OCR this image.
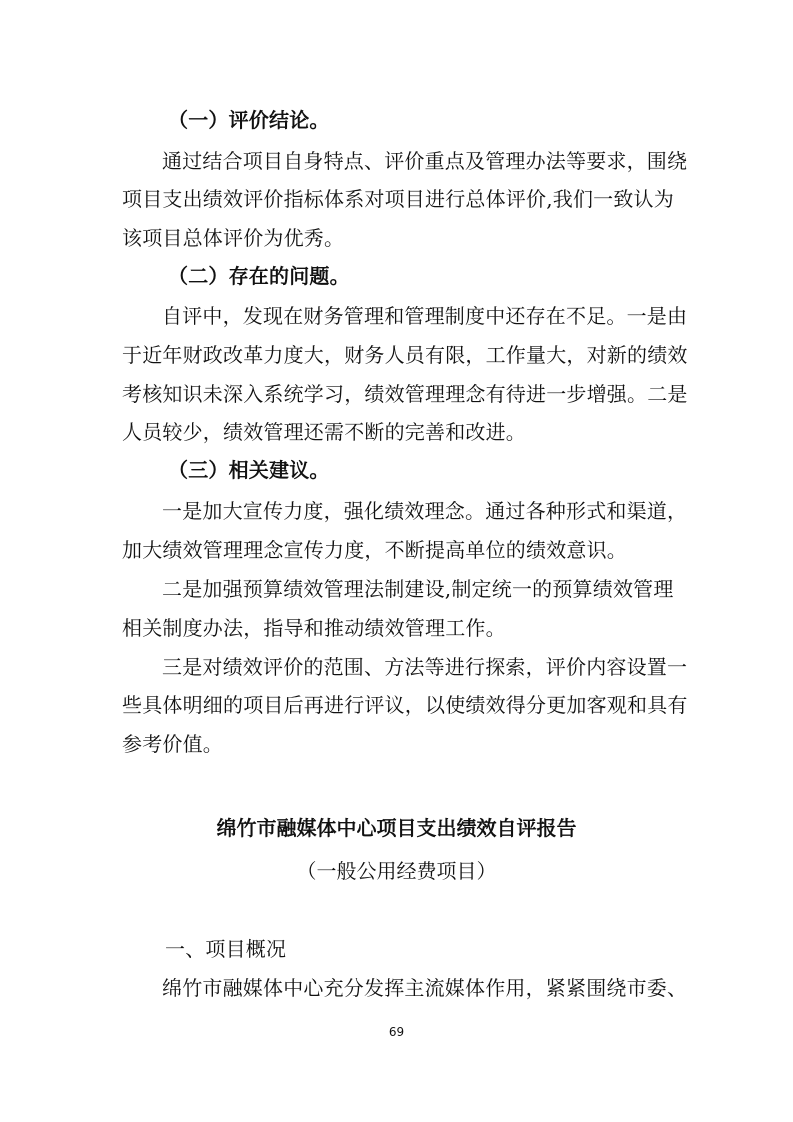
（一）评价结论。
通过结合项目自身特点、评价重点及管理办法等要求，围绕
项目支出绩效评价指标体系对项目进行总体评价,我们一致认为
该项目总体评价为优秀。
（二）存在的问题。
自评中，发现在财务管理和管理制度中还存在不足。一是由
于近年财政改革力度大，财务人员有限，工作量大，对新的绩效
考核知识未深入系统学习，绩效管理理念有待进一步增强。二是
人员较少，绩效管理还需不断的完善和改进。
（三）相关建议。
一是加大宣传力度，强化绩效理念。通过各种形式和渠道，
加大绩效管理理念宣传力度，不断提高单位的绩效意识。
二是加强预算绩效管理法制建设,制定统一的预算绩效管理
相关制度办法，指导和推动绩效管理工作。
三是对绩效评价的范围、方法等进行探索，评价内容设置一
些具体明细的项目后再进行评议，以使绩效得分更加客观和具有
参考价值。
绵竹市融媒体中心项目支出绩效自评报告
（一般公用经费项目）
一、项目概况
绵竹市融媒体中心充分发挥主流媒体作用，紧紧围绕市委、
69
